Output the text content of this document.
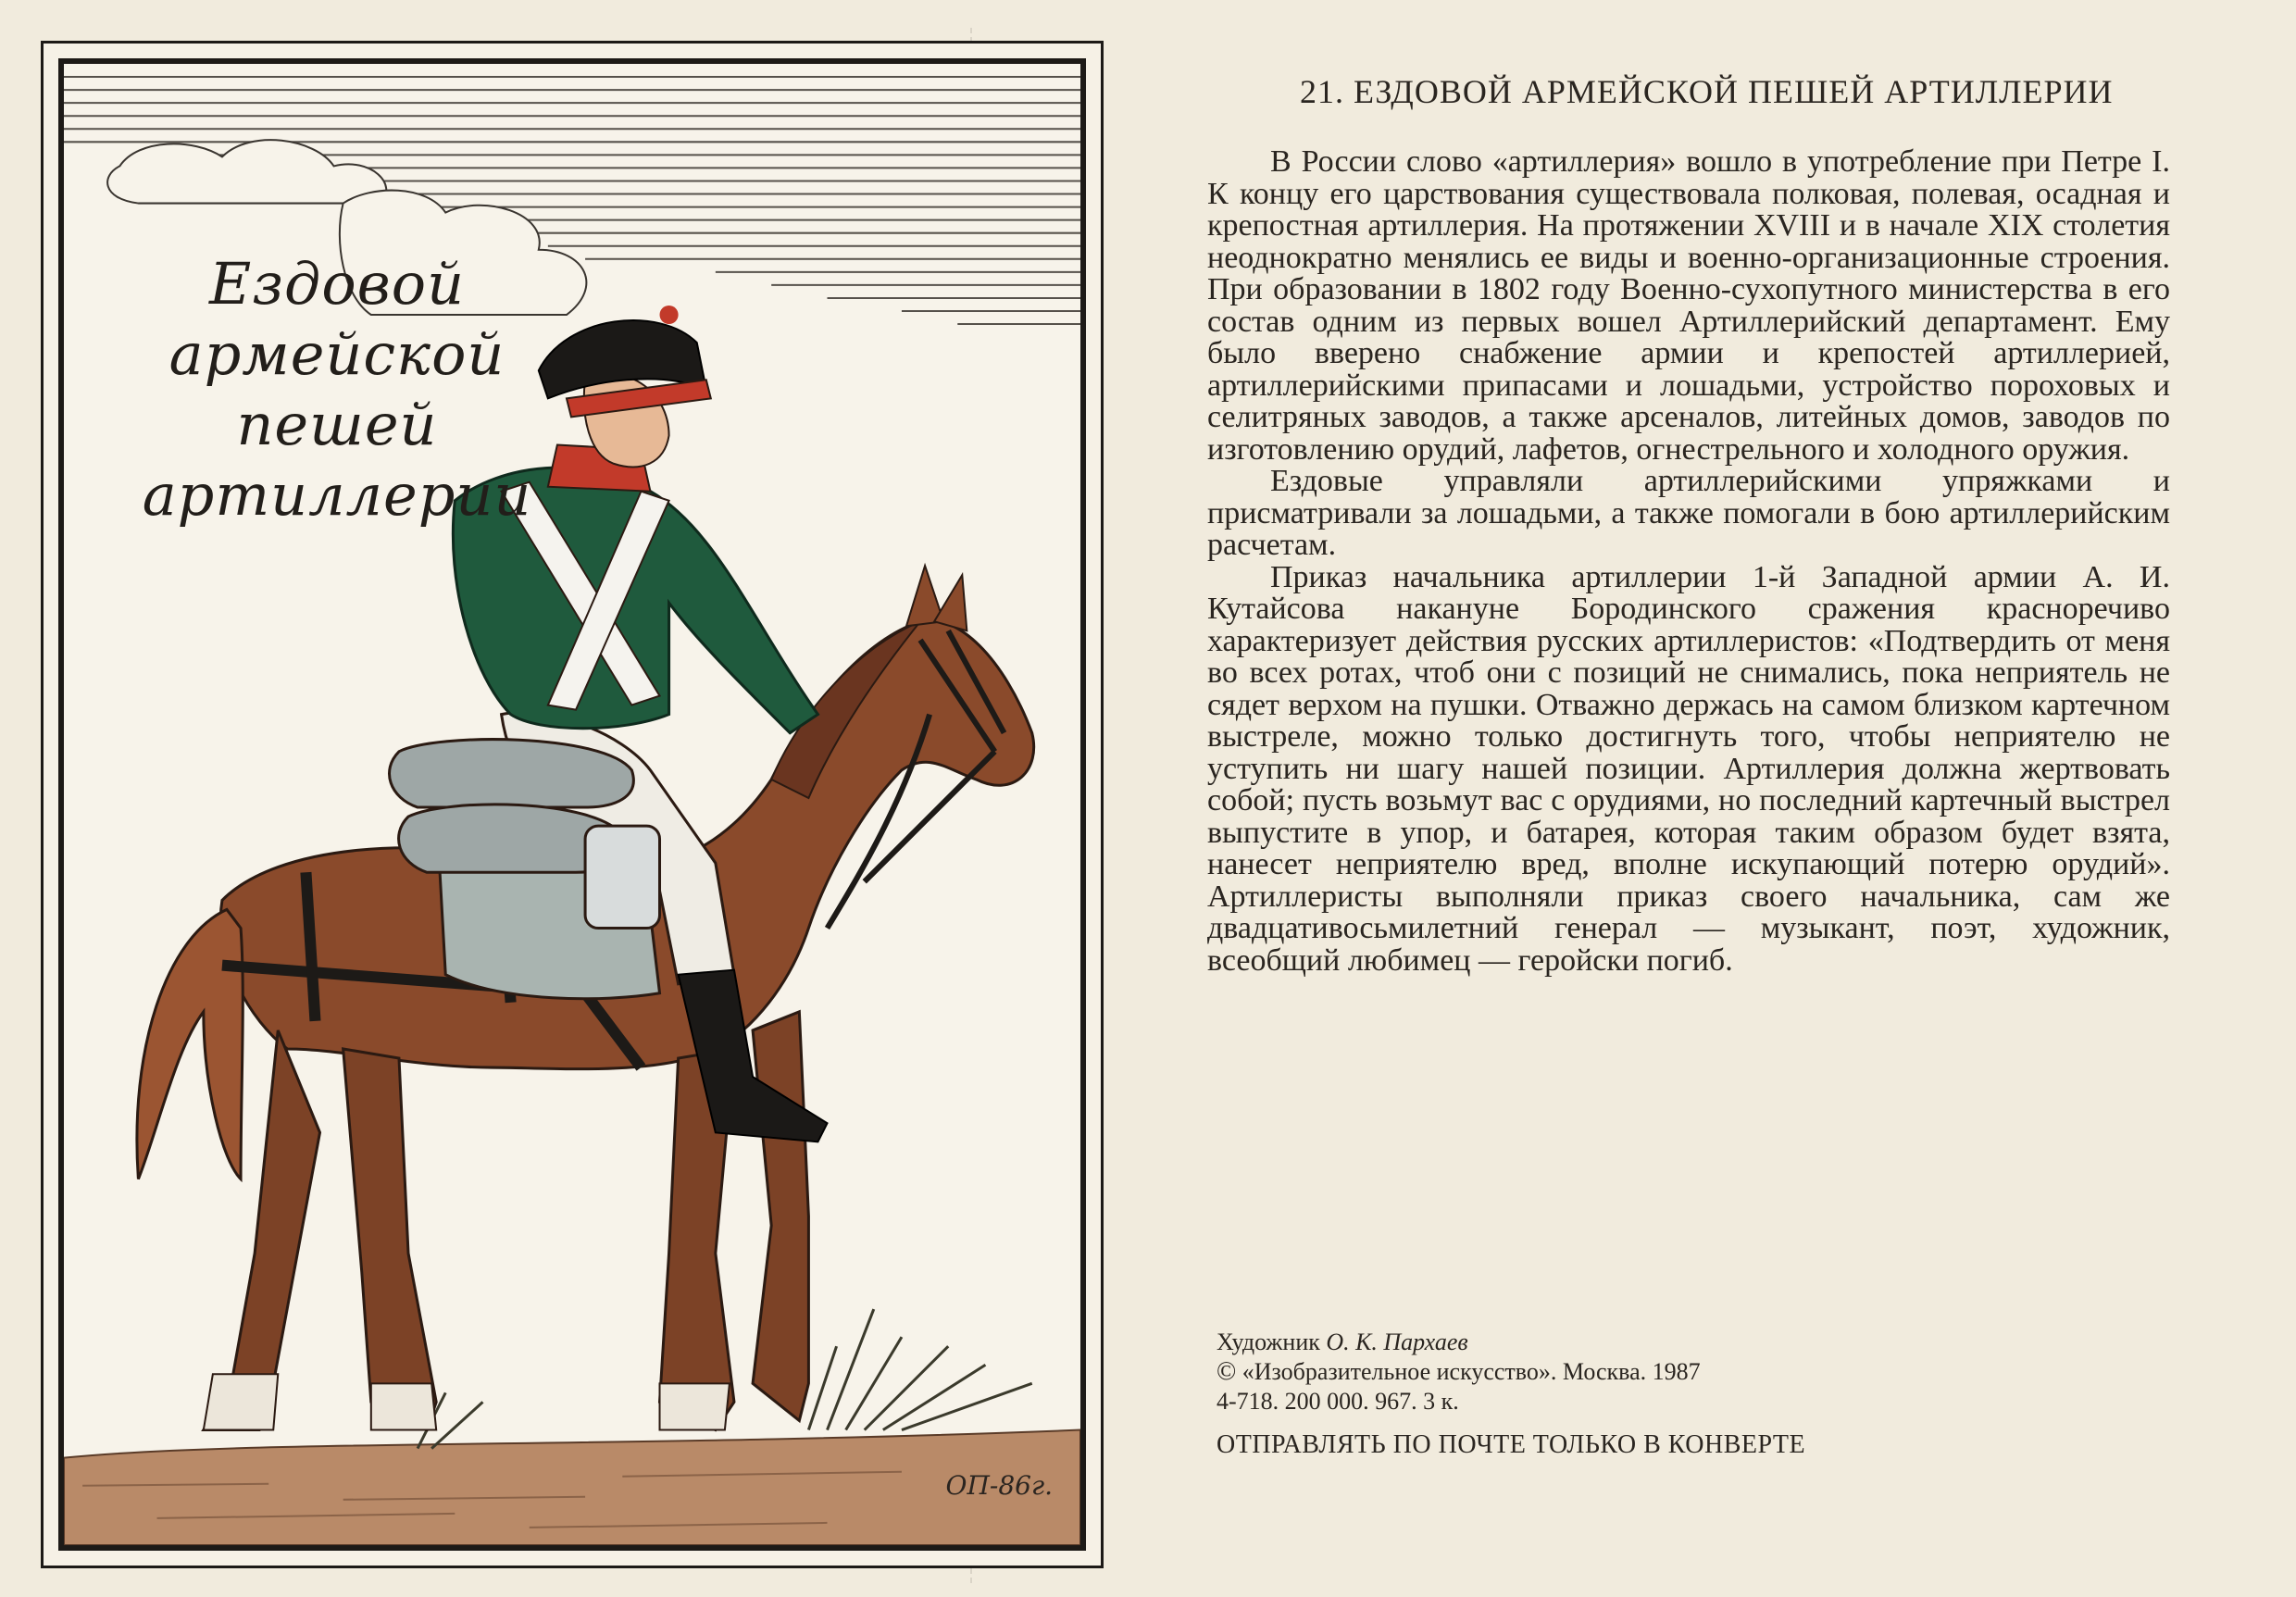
Ездовой
армейской пешей
артиллерии
ОП-86г.
21. ЕЗДОВОЙ АРМЕЙСКОЙ ПЕШЕЙ АРТИЛЛЕРИИ

В России слово «артиллерия» вошло в употребление при Петре I. К концу его царствования существовала полковая, полевая, осадная и крепостная артиллерия. На протяжении XVIII и в начале XIX столетия неоднократно менялись ее виды и военно-организационные строения. При образовании в 1802 году Военно-сухопутного министерства в его состав одним из первых вошел Артиллерийский департамент. Ему было вверено снабжение армии и крепостей артиллерией, артиллерийскими припасами и лошадьми, устройство пороховых и селитряных заводов, а также арсеналов, литейных домов, заводов по изготовлению орудий, лафетов, огнестрельного и холодного оружия.

Ездовые управляли артиллерийскими упряжками и присматривали за лошадьми, а также помогали в бою артиллерийским расчетам.

Приказ начальника артиллерии 1-й Западной армии А. И. Кутайсова накануне Бородинского сражения красноречиво характеризует действия русских артиллеристов: «Подтвердить от меня во всех ротах, чтоб они с позиций не снимались, пока неприятель не сядет верхом на пушки. Отважно держась на самом близком картечном выстреле, можно только достигнуть того, чтобы неприятелю не уступить ни шагу нашей позиции. Артиллерия должна жертвовать собой; пусть возьмут вас с орудиями, но последний картечный выстрел выпустите в упор, и батарея, которая таким образом будет взята, нанесет неприятелю вред, вполне искупающий потерю орудий». Артиллеристы выполняли приказ своего начальника, сам же двадцативосьмилетний генерал — музыкант, поэт, художник, всеобщий любимец — геройски погиб.

Художник О. К. Пархаев
© «Изобразительное искусство». Москва. 1987
4-718. 200 000. 967. 3 к.
ОТПРАВЛЯТЬ ПО ПОЧТЕ ТОЛЬКО В КОНВЕРТЕ
